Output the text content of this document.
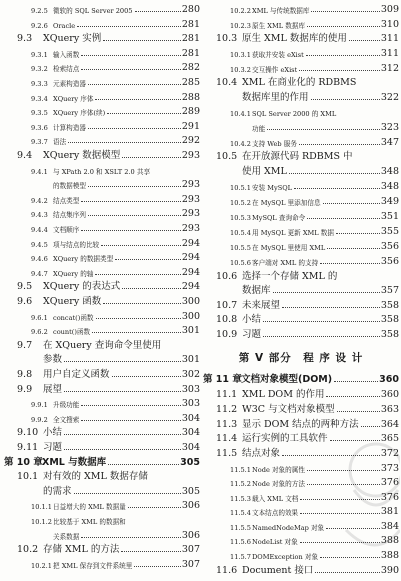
9.2.5 微软的 SQL Server 2005	280
9.2.6 Oracle	281
9.3	XQuery 实例	281
9.3.1 输入函数	281
9.3.2 检索结点	282
9.3.3 元素构造器	285
9.3.4 XQuery 序体	288
9.3.5 XQuery 序体(续)	289
9.3.6 计算构造器	291
9.3.7 语法	292
9.4	XQuery 数据模型	293
9.4.1 与 XPath 2.0 和 XSLT 2.0 共享
的数据模型	293
9.4.2 结点类型	293
9.4.3 结点集序列	293
9.4.4 文档顺序	293
9.4.5 项与结点的比较	294
9.4.6 XQuery 的数据类型	294
9.4.7 XQuery 的轴	294
9.5	XQuery 的表达式	294
9.6	XQuery 函数	300
9.6.1 concat()函数	300
9.6.2 count()函数	301
9.7	在 XQuery 查询命令里使用
参数	301
9.8	用户自定义函数	302
9.9	展望	303
9.9.1 升级功能	303
9.9.2 全文搜索	304
9.10 小结	304
9.11 习题	304
第 10 章 XML 与数据库	305
10.1 对有效的 XML 数据存储
的需求	305
10.1.1 日益增大的 XML 数据量	306
10.1.2 比较基于 XML 的数据和
关系数据	306
10.2 存储 XML 的方法	307
10.2.1 把 XML 保存到文件系统里	307
10.2.2 XML 与传统数据库	309
10.2.3 原生 XML 数据库	310
10.3 原生 XML 数据库的使用	311
10.3.1 获取并安装 eXist	311
10.3.2 交互操作 eXist	312
10.4 XML 在商业化的 RDBMS
数据库里的作用	322
10.4.1 SQL Server 2000 的 XML
功能	323
10.4.2 支持 Web 服务	347
10.5 在开放源代码 RDBMS 中
使用 XML	348
10.5.1 安装 MySQL	348
10.5.2 在 MySQL 里添加信息	349
10.5.3 MySQL 查询命令	351
10.5.4 用 MySQL 更新 XML 数据	355
10.5.5 在 MySQL 里使用 XML	356
10.5.6 客户端对 XML 的支持	356
10.6 选择一个存储 XML 的
数据库	357
10.7 未来展望	358
10.8 小结	358
10.9 习题	358
第 V 部分　程 序 设 计
第 11 章 文档对象模型(DOM)	360
11.1 XML DOM 的作用	360
11.2 W3C 与文档对象模型	363
11.3 显示 DOM 结点的两种方法 364
11.4 运行实例的工具软件	365
11.5 结点对象	372
11.5.1 Node 对象的属性	373
11.5.2 Node 对象的方法	376
11.5.3 载入 XML 文档	376
11.5.4 文本结点的效果	381
11.5.5 NamedNodeMap 对象	384
11.5.6 NodeList 对象	388
11.5.7 DOMException 对象	388
11.6 Document 接口	390
